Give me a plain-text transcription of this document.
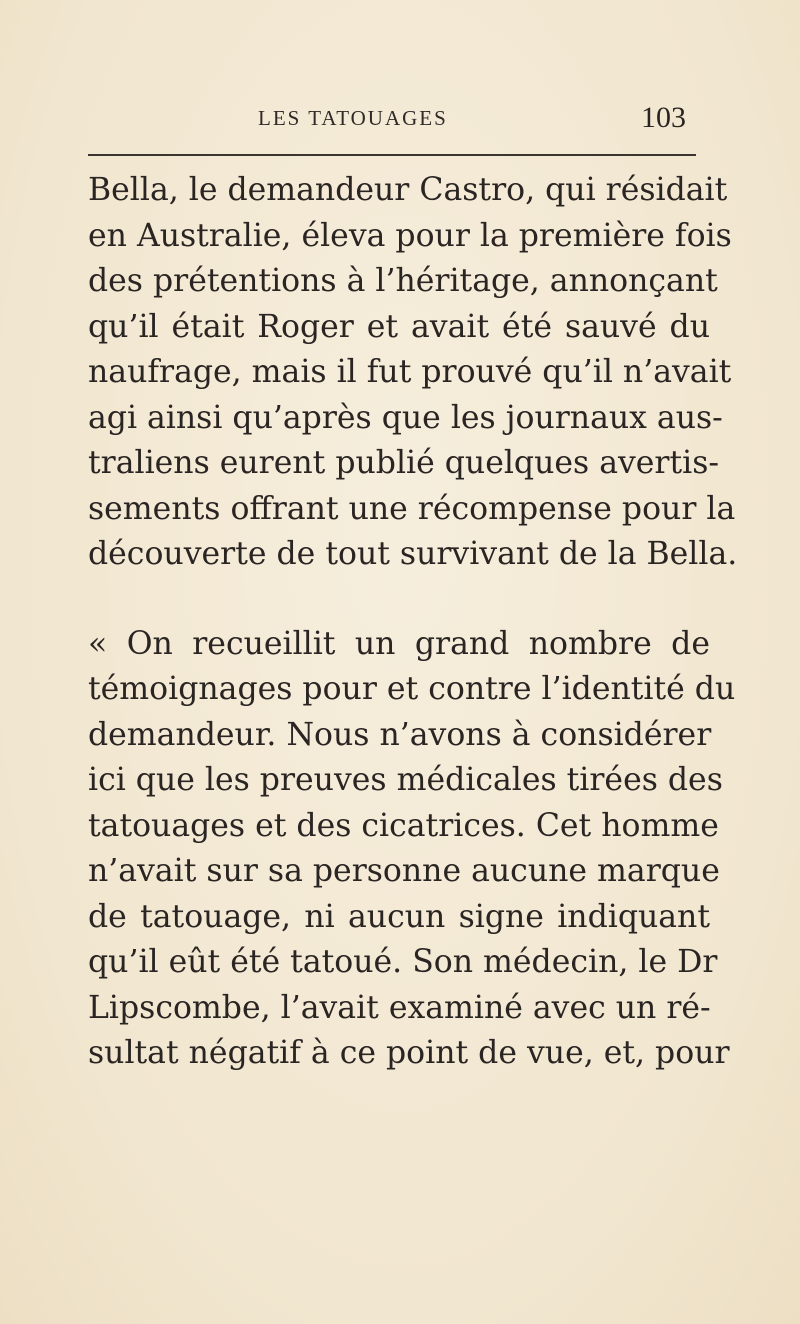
LES TATOUAGES	103
Bella, le demandeur Castro, qui résidait
en Australie, éleva pour la première fois
des prétentions à l’héritage, annonçant
qu’il était Roger et avait été sauvé du
naufrage, mais il fut prouvé qu’il n’avait
agi ainsi qu’après que les journaux aus-
traliens eurent publié quelques avertis-
sements offrant une récompense pour la
découverte de tout survivant de la Bella.
« On recueillit un grand nombre de
témoignages pour et contre l’identité du
demandeur. Nous n’avons à considérer
ici que les preuves médicales tirées des
tatouages et des cicatrices. Cet homme
n’avait sur sa personne aucune marque
de tatouage, ni aucun signe indiquant
qu’il eût été tatoué. Son médecin, le Dr
Lipscombe, l’avait examiné avec un ré-
sultat négatif à ce point de vue, et, pour
